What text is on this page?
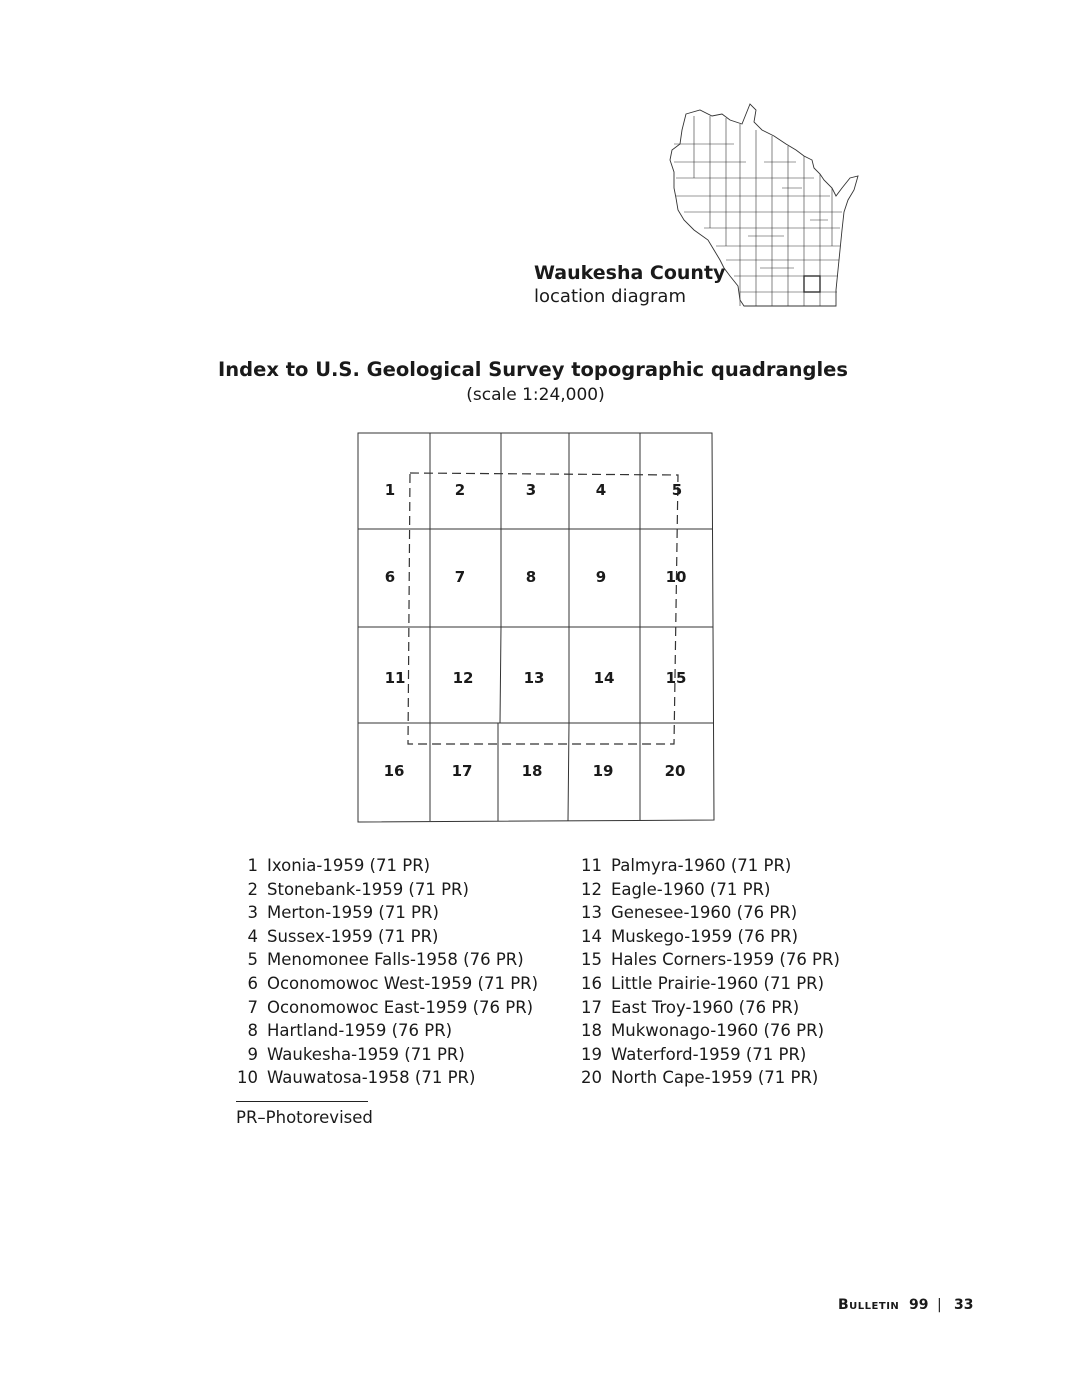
Waukesha County
location diagram
Index to U.S. Geological Survey topographic quadrangles
(scale 1:24,000)
1	2	3	4	5
6	7	8	9	10
11	12	13	14	15
16	17	18	19	20
1 Ixonia-1959 (71 PR)
2 Stonebank-1959 (71 PR)
3 Merton-1959 (71 PR)
4 Sussex-1959 (71 PR)
5 Menomonee Falls-1958 (76 PR)
6 Oconomowoc West-1959 (71 PR)
7 Oconomowoc East-1959 (76 PR)
8 Hartland-1959 (76 PR)
9 Waukesha-1959 (71 PR)
10 Wauwatosa-1958 (71 PR)
11 Palmyra-1960 (71 PR)
12 Eagle-1960 (71 PR)
13 Genesee-1960 (76 PR)
14 Muskego-1959 (76 PR)
15 Hales Corners-1959 (76 PR)
16 Little Prairie-1960 (71 PR)
17 East Troy-1960 (76 PR)
18 Mukwonago-1960 (76 PR)
19 Waterford-1959 (71 PR)
20 North Cape-1959 (71 PR)
PR–Photorevised
Bulletin 99 | 33
